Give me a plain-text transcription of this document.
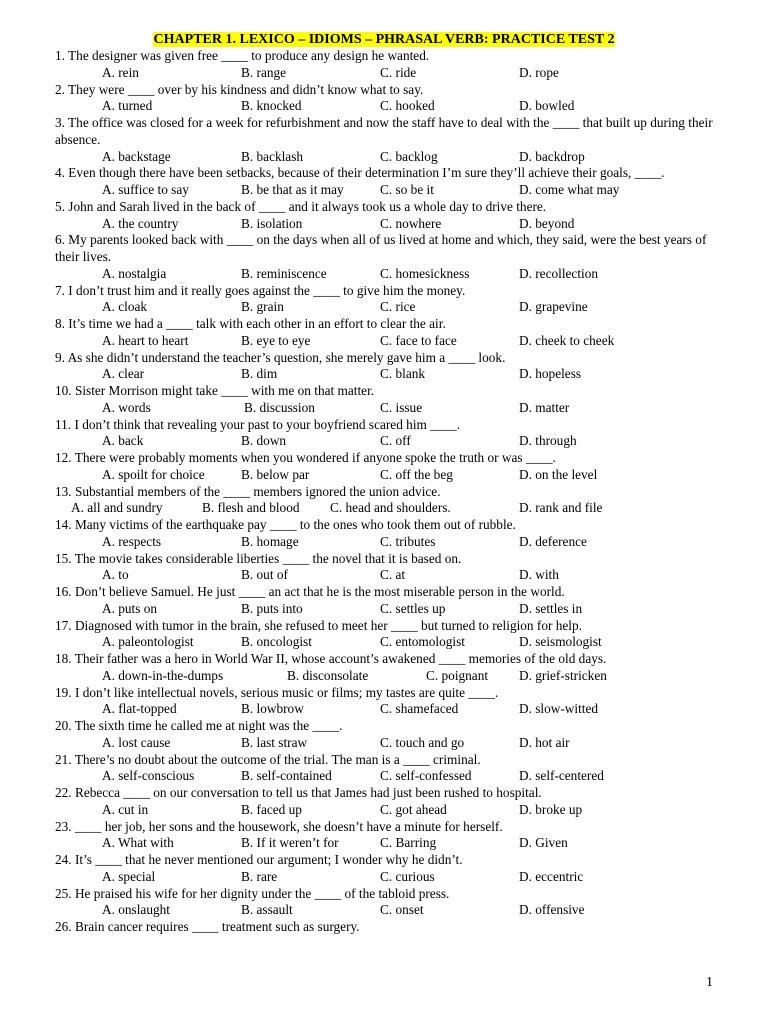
CHAPTER 1. LEXICO – IDIOMS – PHRASAL VERB: PRACTICE TEST 2
1. The designer was given free ____ to produce any design he wanted.
A. rein	B. range	C. ride	D. rope
2. They were ____ over by his kindness and didn’t know what to say.
A. turned	B. knocked	C. hooked	D. bowled
3. The office was closed for a week for refurbishment and now the staff have to deal with the ____ that built up during their absence.
A. backstage	B. backlash	C. backlog	D. backdrop
4. Even though there have been setbacks, because of their determination I’m sure they’ll achieve their goals, ____.
A. suffice to say	B. be that as it may	C. so be it	D. come what may
5. John and Sarah lived in the back of ____ and it always took us a whole day to drive there.
A. the country	B. isolation	C. nowhere	D. beyond
6. My parents looked back with ____ on the days when all of us lived at home and which, they said, were the best years of their lives.
A. nostalgia	B. reminiscence	C. homesickness	D. recollection
7. I don’t trust him and it really goes against the ____ to give him the money.
A. cloak	B. grain	C. rice	D. grapevine
8. It’s time we had a ____ talk with each other in an effort to clear the air.
A. heart to heart	B. eye to eye	C. face to face	D. cheek to cheek
9. As she didn’t understand the teacher’s question, she merely gave him a ____ look.
A. clear	B. dim	C. blank	D. hopeless
10. Sister Morrison might take ____ with me on that matter.
A. words	B. discussion	C. issue	D. matter
11. I don’t think that revealing your past to your boyfriend scared him ____.
A. back	B. down	C. off	D. through
12. There were probably moments when you wondered if anyone spoke the truth or was ____.
A. spoilt for choice	B. below par	C. off the beg	D. on the level
13. Substantial members of the ____ members ignored the union advice.
A. all and sundry	B. flesh and blood C. head and shoulders.	D. rank and file
14. Many victims of the earthquake pay ____ to the ones who took them out of rubble.
A. respects	B. homage	C. tributes	D. deference
15. The movie takes considerable liberties ____ the novel that it is based on.
A. to	B. out of	C. at	D. with
16. Don’t believe Samuel. He just ____ an act that he is the most miserable person in the world.
A. puts on	B. puts into	C. settles up	D. settles in
17. Diagnosed with tumor in the brain, she refused to meet her ____ but turned to religion for help.
A. paleontologist	B. oncologist	C. entomologist	D. seismologist
18. Their father was a hero in World War II, whose account’s awakened ____ memories of the old days.
A. down-in-the-dumps	B. disconsolate	C. poignant D. grief-stricken
19. I don’t like intellectual novels, serious music or films; my tastes are quite ____.
A. flat-topped	B. lowbrow	C. shamefaced	D. slow-witted
20. The sixth time he called me at night was the ____.
A. lost cause	B. last straw	C. touch and go	D. hot air
21. There’s no doubt about the outcome of the trial. The man is a ____ criminal.
A. self-conscious	B. self-contained	C. self-confessed	D. self-centered
22. Rebecca ____ on our conversation to tell us that James had just been rushed to hospital.
A. cut in	B. faced up	C. got ahead	D. broke up
23. ____ her job, her sons and the housework, she doesn’t have a minute for herself.
A. What with	B. If it weren’t for	C. Barring	D. Given
24. It’s ____ that he never mentioned our argument; I wonder why he didn’t.
A. special	B. rare	C. curious	D. eccentric
25. He praised his wife for her dignity under the ____ of the tabloid press.
A. onslaught	B. assault	C. onset	D. offensive
26. Brain cancer requires ____ treatment such as surgery.
1
